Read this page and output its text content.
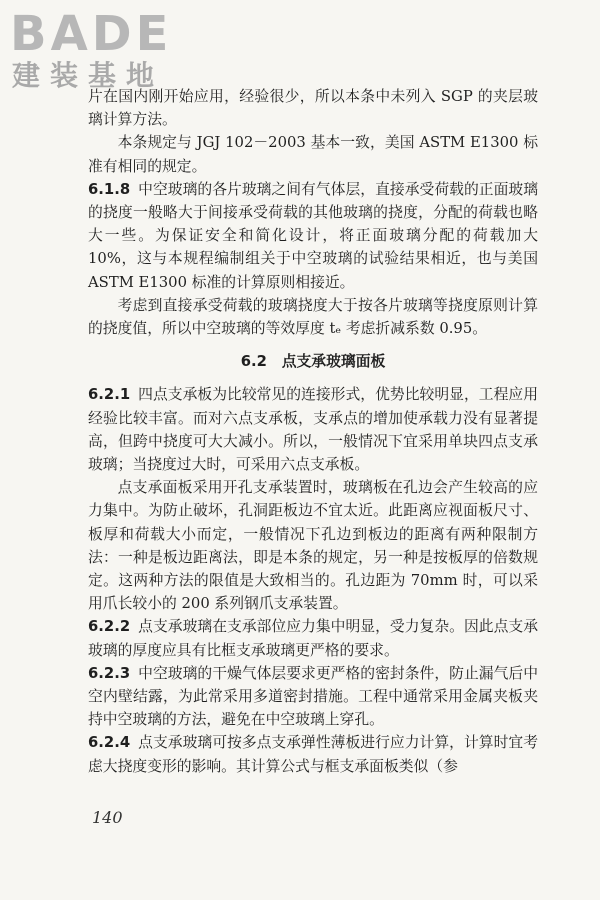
BADE
建装基地

片在国内刚开始应用，经验很少，所以本条中未列入 SGP 的夹层玻璃计算方法。

本条规定与 JGJ 102－2003 基本一致，美国 ASTM E1300 标准有相同的规定。

6.1.8 中空玻璃的各片玻璃之间有气体层，直接承受荷载的正面玻璃的挠度一般略大于间接承受荷载的其他玻璃的挠度，分配的荷载也略大一些。为保证安全和简化设计，将正面玻璃分配的荷载加大 10%，这与本规程编制组关于中空玻璃的试验结果相近，也与美国 ASTM E1300 标准的计算原则相接近。

考虑到直接承受荷载的玻璃挠度大于按各片玻璃等挠度原则计算的挠度值，所以中空玻璃的等效厚度 tₑ 考虑折减系数 0.95。

6.2　点支承玻璃面板

6.2.1 四点支承板为比较常见的连接形式，优势比较明显，工程应用经验比较丰富。而对六点支承板，支承点的增加使承载力没有显著提高，但跨中挠度可大大减小。所以，一般情况下宜采用单块四点支承玻璃；当挠度过大时，可采用六点支承板。

点支承面板采用开孔支承装置时，玻璃板在孔边会产生较高的应力集中。为防止破坏，孔洞距板边不宜太近。此距离应视面板尺寸、板厚和荷载大小而定，一般情况下孔边到板边的距离有两种限制方法：一种是板边距离法，即是本条的规定，另一种是按板厚的倍数规定。这两种方法的限值是大致相当的。孔边距为 70mm 时，可以采用爪长较小的 200 系列钢爪支承装置。

6.2.2 点支承玻璃在支承部位应力集中明显，受力复杂。因此点支承玻璃的厚度应具有比框支承玻璃更严格的要求。

6.2.3 中空玻璃的干燥气体层要求更严格的密封条件，防止漏气后中空内壁结露，为此常采用多道密封措施。工程中通常采用金属夹板夹持中空玻璃的方法，避免在中空玻璃上穿孔。

6.2.4 点支承玻璃可按多点支承弹性薄板进行应力计算，计算时宜考虑大挠度变形的影响。其计算公式与框支承面板类似（参

140
